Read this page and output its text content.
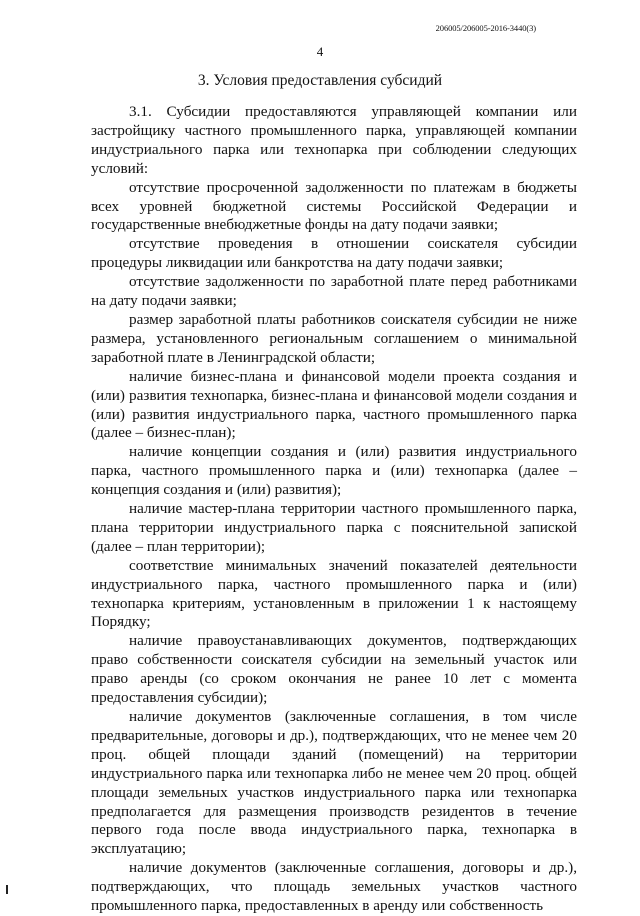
206005/206005-2016-3440(3)
4
3. Условия предоставления субсидий

3.1. Субсидии предоставляются управляющей компании или застройщику частного промышленного парка, управляющей компании индустриального парка или технопарка при соблюдении следующих условий:

отсутствие просроченной задолженности по платежам в бюджеты всех уровней бюджетной системы Российской Федерации и государственные внебюджетные фонды на дату подачи заявки;

отсутствие проведения в отношении соискателя субсидии процедуры ликвидации или банкротства на дату подачи заявки;

отсутствие задолженности по заработной плате перед работниками на дату подачи заявки;

размер заработной платы работников соискателя субсидии не ниже размера, установленного региональным соглашением о минимальной заработной плате в Ленинградской области;

наличие бизнес-плана и финансовой модели проекта создания и (или) развития технопарка, бизнес-плана и финансовой модели создания и (или) развития индустриального парка, частного промышленного парка (далее – бизнес-план);

наличие концепции создания и (или) развития индустриального парка, частного промышленного парка и (или) технопарка (далее – концепция создания и (или) развития);

наличие мастер-плана территории частного промышленного парка, плана территории индустриального парка с пояснительной запиской (далее – план территории);

соответствие минимальных значений показателей деятельности индустриального парка, частного промышленного парка и (или) технопарка критериям, установленным в приложении 1 к настоящему Порядку;

наличие правоустанавливающих документов, подтверждающих право собственности соискателя субсидии на земельный участок или право аренды (со сроком окончания не ранее 10 лет с момента предоставления субсидии);

наличие документов (заключенные соглашения, в том числе предварительные, договоры и др.), подтверждающих, что не менее чем 20 проц. общей площади зданий (помещений) на территории индустриального парка или технопарка либо не менее чем 20 проц. общей площади земельных участков индустриального парка или технопарка предполагается для размещения производств резидентов в течение первого года после ввода индустриального парка, технопарка в эксплуатацию;

наличие документов (заключенные соглашения, договоры и др.), подтверждающих, что площадь земельных участков частного промышленного парка, предоставленных в аренду или собственность
